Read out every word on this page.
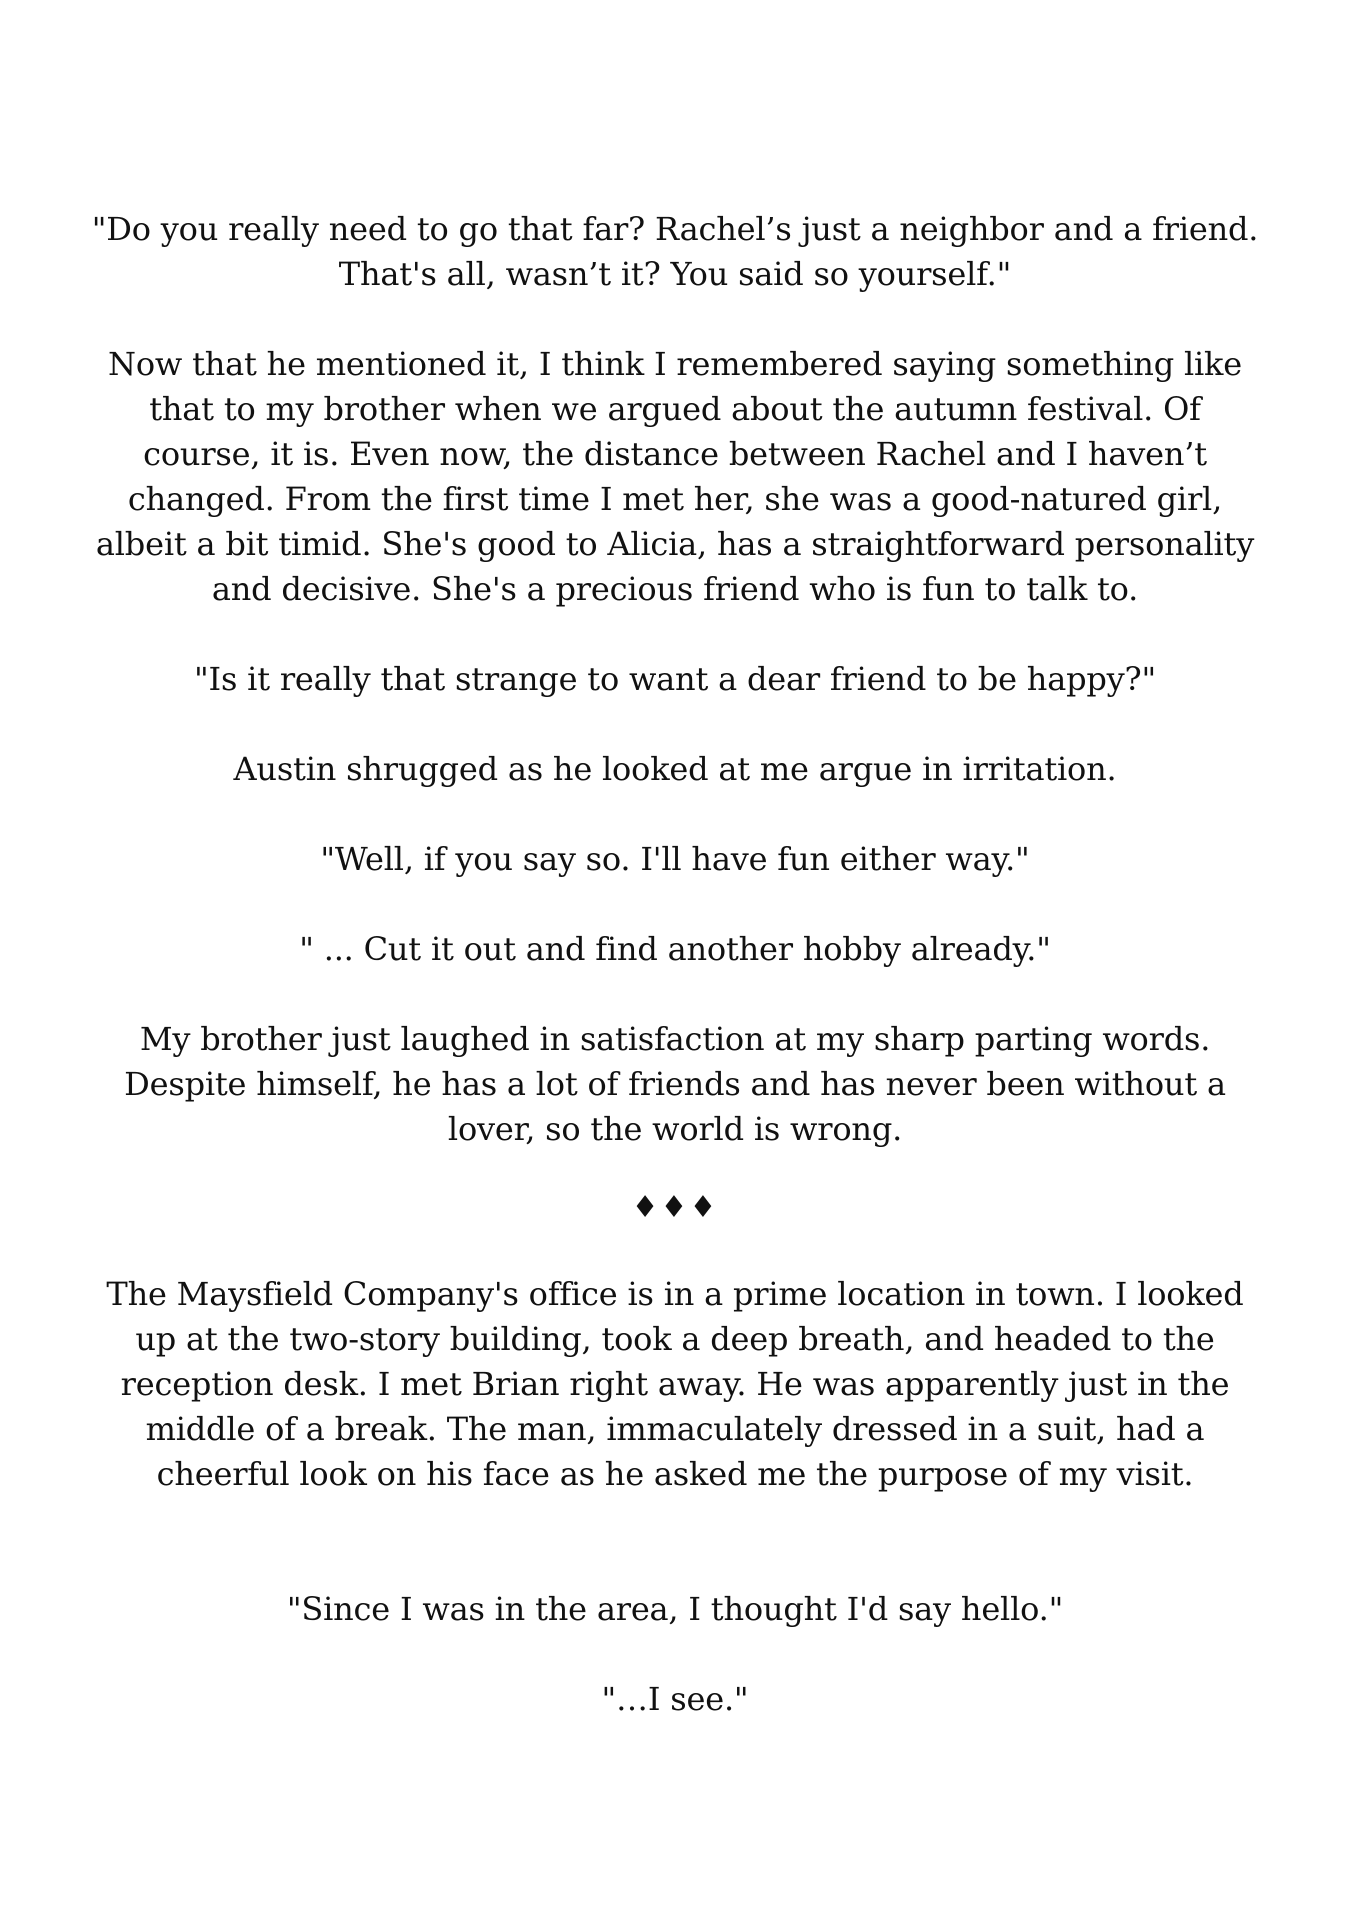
"Do you really need to go that far? Rachel’s just a neighbor and a friend. That's all, wasn’t it? You said so yourself."
Now that he mentioned it, I think I remembered saying something like that to my brother when we argued about the autumn festival. Of course, it is. Even now, the distance between Rachel and I haven’t changed. From the first time I met her, she was a good-natured girl, albeit a bit timid. She's good to Alicia, has a straightforward personality and decisive. She's a precious friend who is fun to talk to.
"Is it really that strange to want a dear friend to be happy?"
Austin shrugged as he looked at me argue in irritation.
"Well, if you say so. I'll have fun either way."
" ... Cut it out and find another hobby already."
My brother just laughed in satisfaction at my sharp parting words. Despite himself, he has a lot of friends and has never been without a lover, so the world is wrong.
♦♦♦
The Maysfield Company's office is in a prime location in town. I looked up at the two-story building, took a deep breath, and headed to the reception desk. I met Brian right away. He was apparently just in the middle of a break. The man, immaculately dressed in a suit, had a cheerful look on his face as he asked me the purpose of my visit.
"Since I was in the area, I thought I'd say hello."
"…I see."
